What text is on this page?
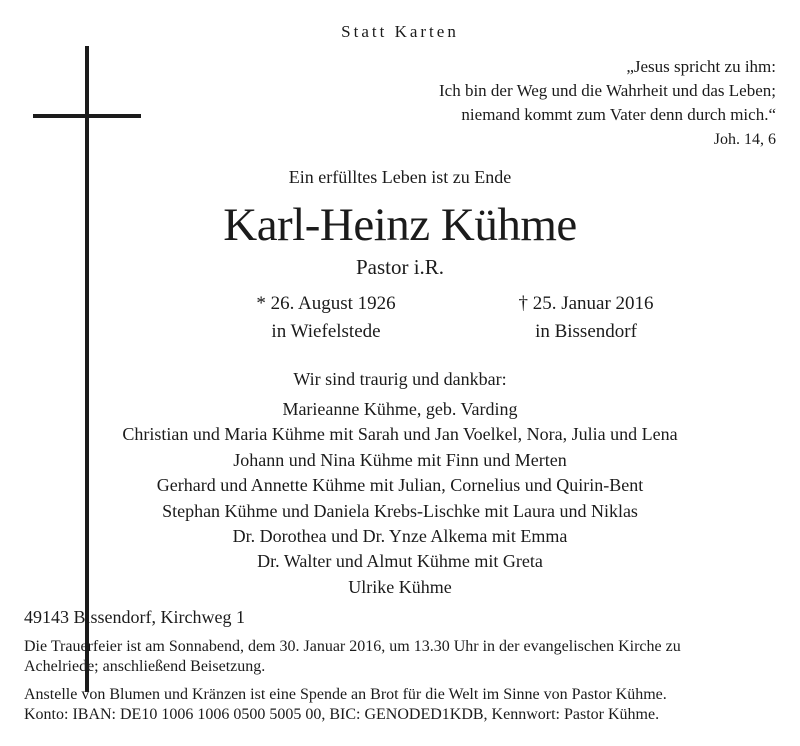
Statt Karten
„Jesus spricht zu ihm:
Ich bin der Weg und die Wahrheit und das Leben;
niemand kommt zum Vater denn durch mich.“
Joh. 14, 6
Ein erfülltes Leben ist zu Ende
Karl-Heinz Kühme
Pastor i.R.
* 26. August 1926
in Wiefelstede
† 25. Januar 2016
in Bissendorf
Wir sind traurig und dankbar:
Marieanne Kühme, geb. Varding
Christian und Maria Kühme mit Sarah und Jan Voelkel, Nora, Julia und Lena
Johann und Nina Kühme mit Finn und Merten
Gerhard und Annette Kühme mit Julian, Cornelius und Quirin-Bent
Stephan Kühme und Daniela Krebs-Lischke mit Laura und Niklas
Dr. Dorothea und Dr. Ynze Alkema mit Emma
Dr. Walter und Almut Kühme mit Greta
Ulrike Kühme
49143 Bissendorf, Kirchweg 1
Die Trauerfeier ist am Sonnabend, dem 30. Januar 2016, um 13.30 Uhr in der evangelischen Kirche zu
Achelriede; anschließend Beisetzung.
Anstelle von Blumen und Kränzen ist eine Spende an Brot für die Welt im Sinne von Pastor Kühme.
Konto: IBAN: DE10 1006 1006 0500 5005 00, BIC: GENODED1KDB, Kennwort: Pastor Kühme.
